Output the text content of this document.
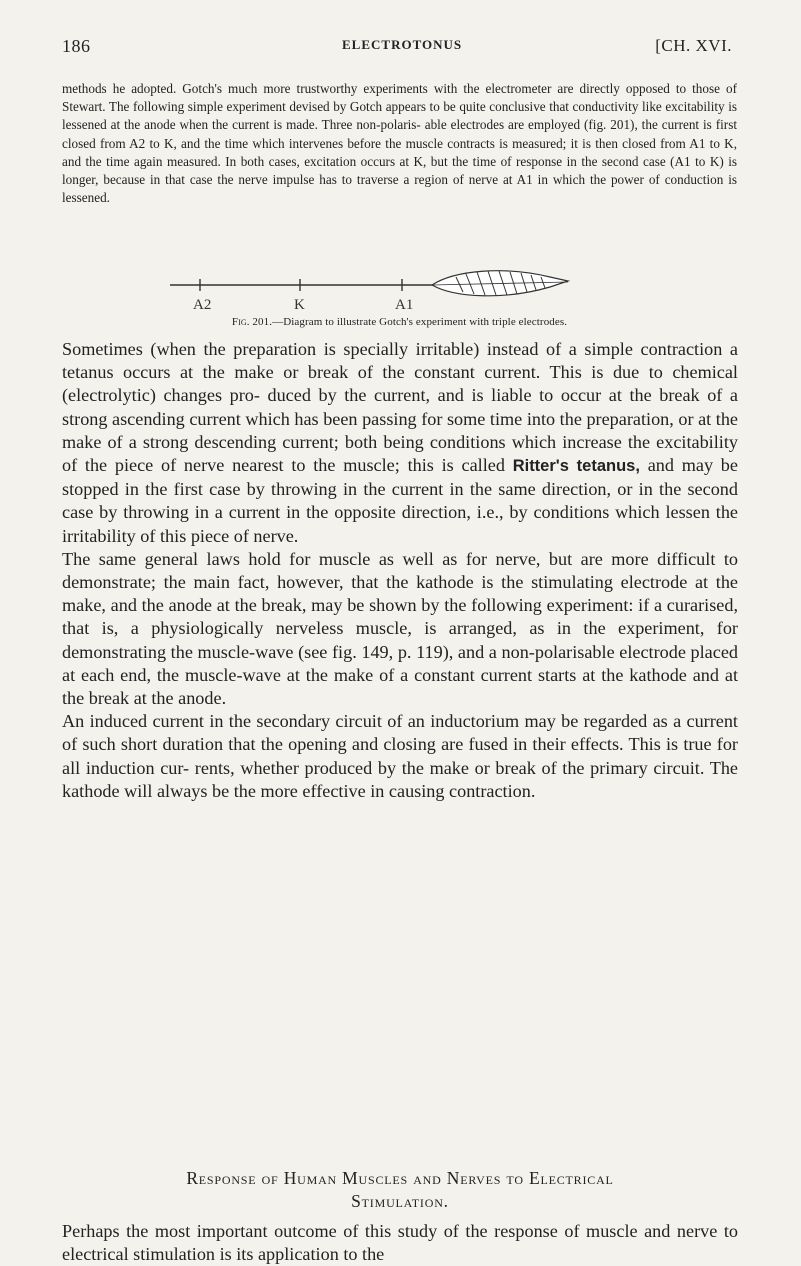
186	ELECTROTONUS	[CH. XVI.

methods he adopted. Gotch's much more trustworthy experiments with the electrometer are directly opposed to those of Stewart. The following simple experiment devised by Gotch appears to be quite conclusive that conductivity like excitability is lessened at the anode when the current is made. Three non-polaris- able electrodes are employed (fig. 201), the current is first closed from A2 to K, and the time which intervenes before the muscle contracts is measured; it is then closed from A1 to K, and the time again measured. In both cases, excitation occurs at K, but the time of response in the second case (A1 to K) is longer, because in that case the nerve impulse has to traverse a region of nerve at A1 in which the power of conduction is lessened.

A2	K	A1
Fig. 201.—Diagram to illustrate Gotch's experiment with triple electrodes.

Sometimes (when the preparation is specially irritable) instead of a simple contraction a tetanus occurs at the make or break of the constant current. This is due to chemical (electrolytic) changes pro- duced by the current, and is liable to occur at the break of a strong ascending current which has been passing for some time into the preparation, or at the make of a strong descending current; both being conditions which increase the excitability of the piece of nerve nearest to the muscle; this is called Ritter's tetanus, and may be stopped in the first case by throwing in the current in the same direction, or in the second case by throwing in a current in the opposite direction, i.e., by conditions which lessen the irritability of this piece of nerve.

The same general laws hold for muscle as well as for nerve, but are more difficult to demonstrate; the main fact, however, that the kathode is the stimulating electrode at the make, and the anode at the break, may be shown by the following experiment: if a curarised, that is, a physiologically nerveless muscle, is arranged, as in the experiment, for demonstrating the muscle-wave (see fig. 149, p. 119), and a non-polarisable electrode placed at each end, the muscle-wave at the make of a constant current starts at the kathode and at the break at the anode.

An induced current in the secondary circuit of an inductorium may be regarded as a current of such short duration that the opening and closing are fused in their effects. This is true for all induction cur- rents, whether produced by the make or break of the primary circuit. The kathode will always be the more effective in causing contraction.

Response of Human Muscles and Nerves to Electrical
Stimulation.

Perhaps the most important outcome of this study of the response of muscle and nerve to electrical stimulation is its application to the
